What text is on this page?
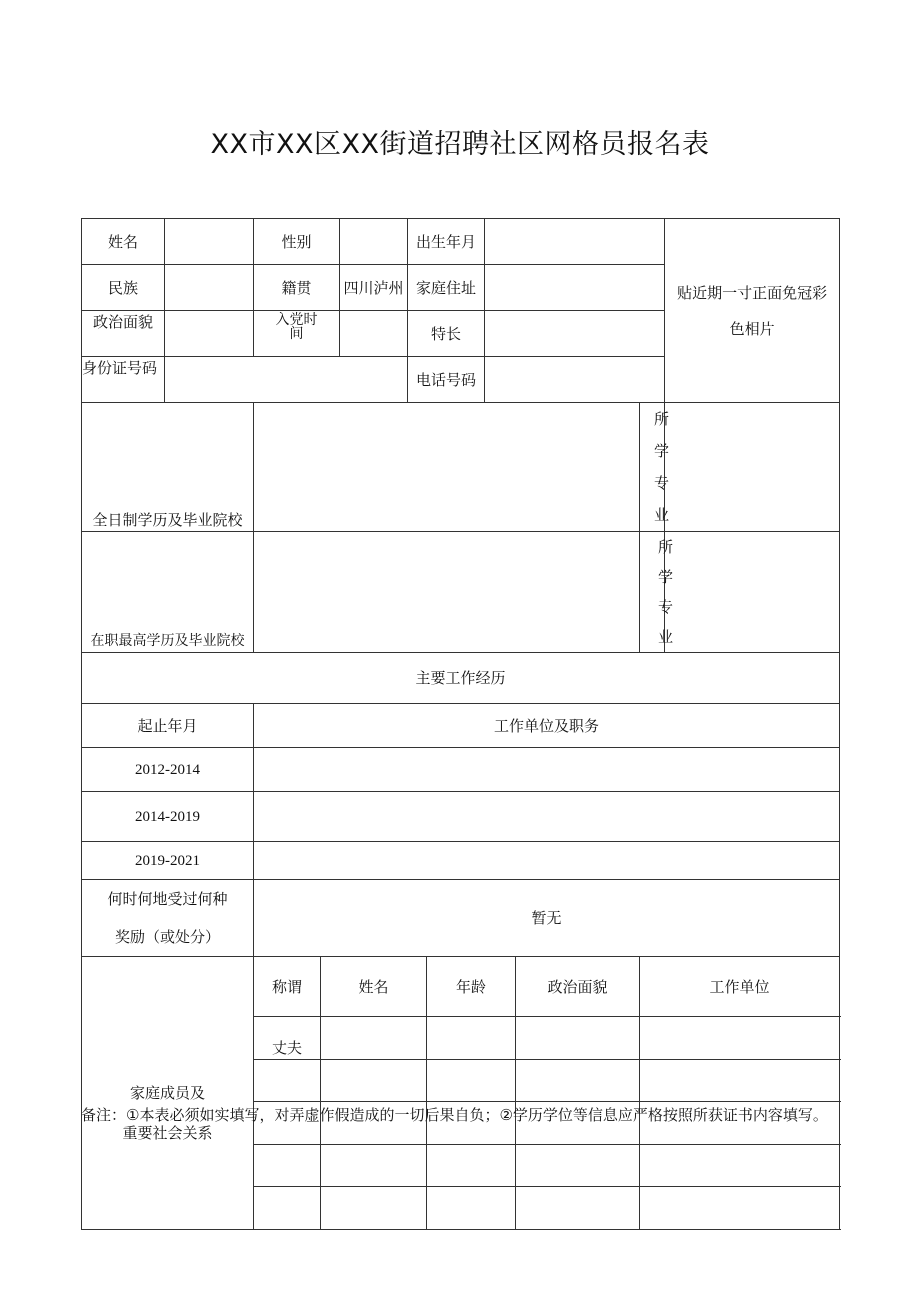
XX市XX区XX街道招聘社区网格员报名表
姓名		性别			出生年月					贴近期一寸正面免冠彩色相片
民族		籍贯		四川泸州	家庭住址					
政治面貌		入党时间			特长					
身份证号码					电话号码					
全日制学历及毕业院校									所学专业	
在职最高学历及毕业院校									所学专业	
主要工作经历										
起止年月		工作单位及职务								
2012-2014										
2014-2019										
2019-2021										
何时何地受过何种奖励（或处分）		暂无								

家庭成员及
重要社会关系		称谓	姓名			年龄		政治面貌	工作单位	
		丈夫								

备注：①本表必须如实填写，对弄虚作假造成的一切后果自负；②学历学位等信息应严格按照所获证书内容填写。
